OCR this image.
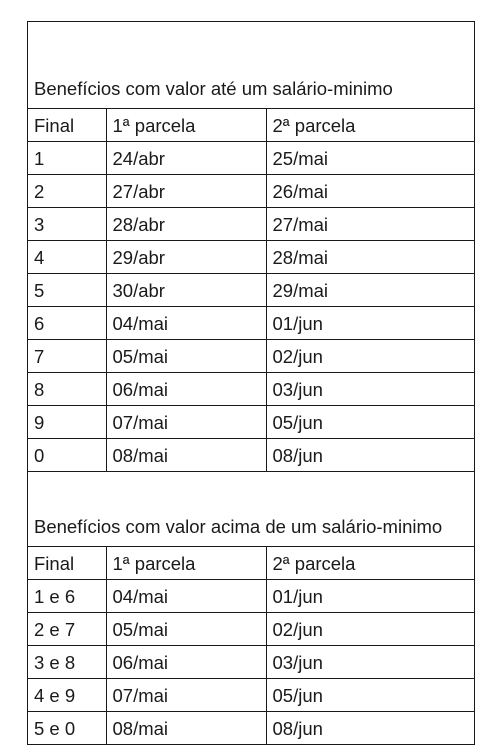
Benefícios com valor até um salário-minimo		
Final	1ª parcela	2ª parcela
1	24/abr	25/mai
2	27/abr	26/mai
3	28/abr	27/mai
4	29/abr	28/mai
5	30/abr	29/mai
6	04/mai	01/jun
7	05/mai	02/jun
8	06/mai	03/jun
9	07/mai	05/jun
0	08/mai	08/jun
Benefícios com valor acima de um salário-minimo		
Final	1ª parcela	2ª parcela
1 e 6	04/mai	01/jun
2 e 7	05/mai	02/jun
3 e 8	06/mai	03/jun
4 e 9	07/mai	05/jun
5 e 0	08/mai	08/jun
